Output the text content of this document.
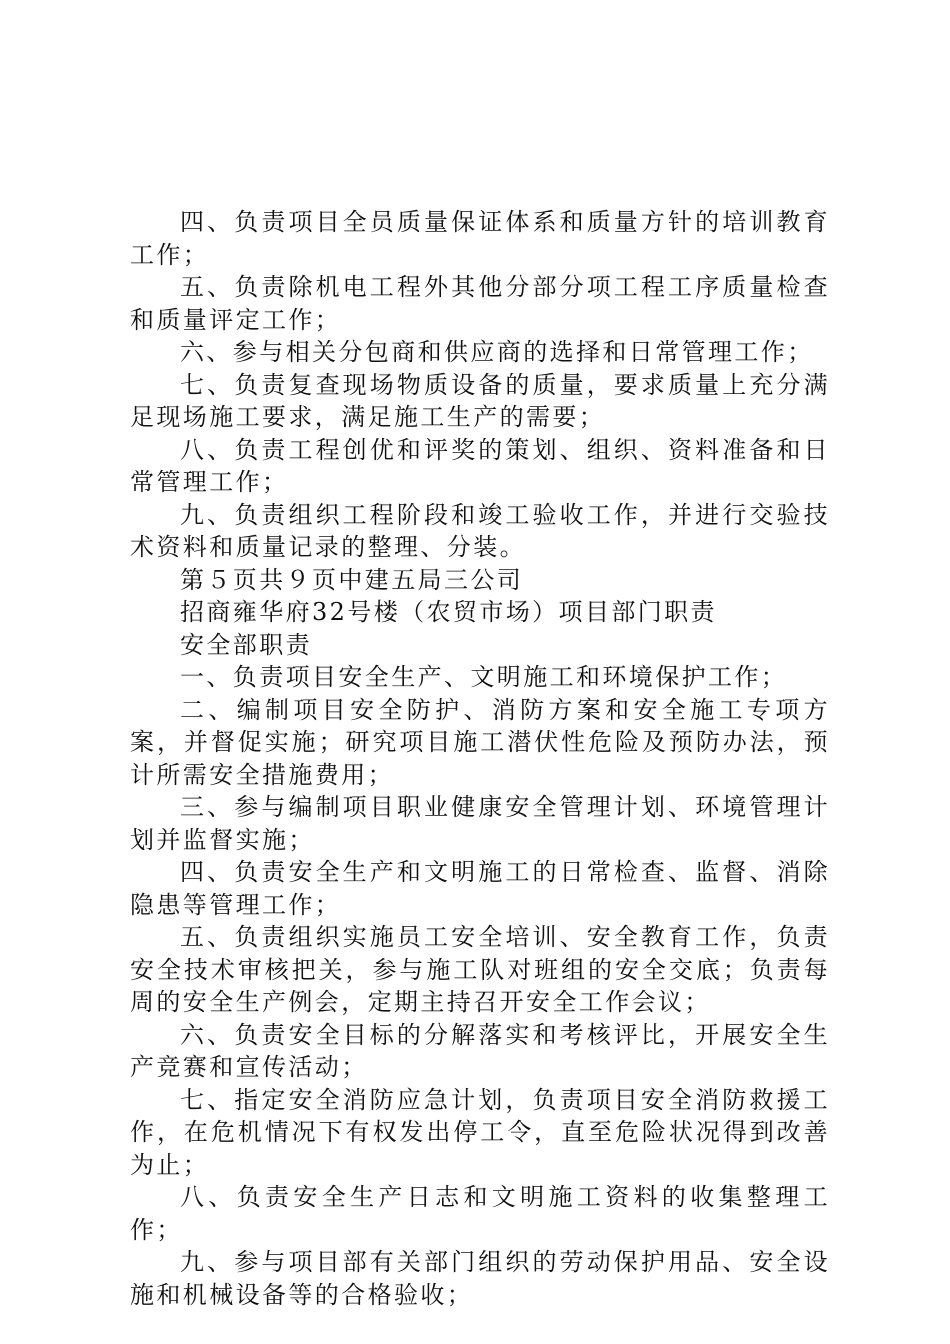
四、负责项目全员质量保证体系和质量方针的培训教育工作；

五、负责除机电工程外其他分部分项工程工序质量检查和质量评定工作；

六、参与相关分包商和供应商的选择和日常管理工作；

七、负责复查现场物质设备的质量，要求质量上充分满足现场施工要求，满足施工生产的需要；

八、负责工程创优和评奖的策划、组织、资料准备和日常管理工作；

九、负责组织工程阶段和竣工验收工作，并进行交验技术资料和质量记录的整理、分装。

第５页共９页中建五局三公司

招商雍华府32号楼（农贸市场）项目部门职责

安全部职责

一、负责项目安全生产、文明施工和环境保护工作；

二、编制项目安全防护、消防方案和安全施工专项方案，并督促实施；研究项目施工潜伏性危险及预防办法，预计所需安全措施费用；

三、参与编制项目职业健康安全管理计划、环境管理计划并监督实施；

四、负责安全生产和文明施工的日常检查、监督、消除隐患等管理工作；

五、负责组织实施员工安全培训、安全教育工作，负责安全技术审核把关，参与施工队对班组的安全交底；负责每周的安全生产例会，定期主持召开安全工作会议；

六、负责安全目标的分解落实和考核评比，开展安全生产竞赛和宣传活动；

七、指定安全消防应急计划，负责项目安全消防救援工作，在危机情况下有权发出停工令，直至危险状况得到改善为止；

八、负责安全生产日志和文明施工资料的收集整理工作；

九、参与项目部有关部门组织的劳动保护用品、安全设施和机械设备等的合格验收；
